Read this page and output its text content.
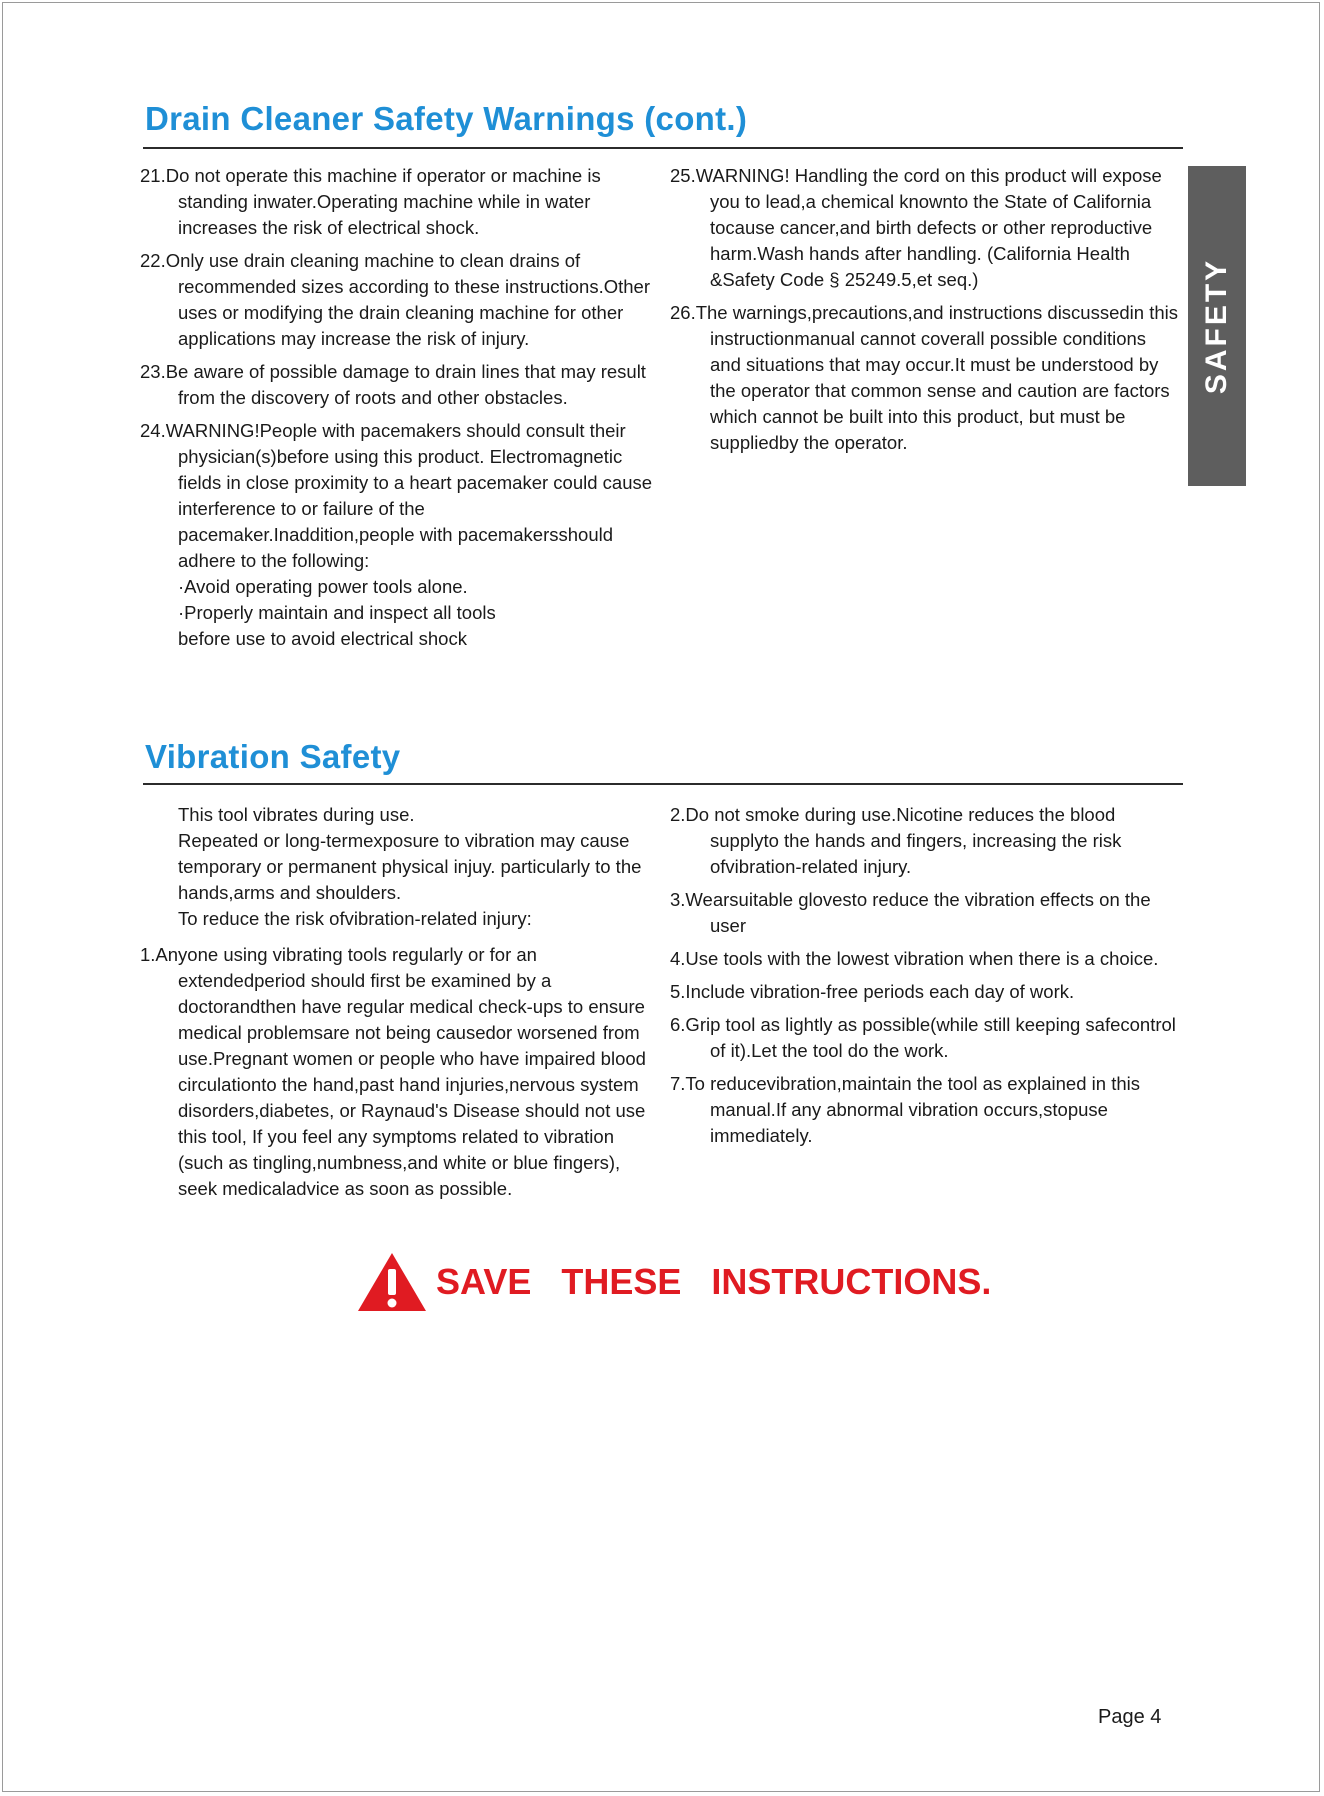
Drain Cleaner Safety Warnings (cont.)

21.Do not operate this machine if operator or machine is standing inwater.Operating machine while in water increases the risk of electrical shock.

22.Only use drain cleaning machine to clean drains of recommended sizes according to these instructions.Other uses or modifying the drain cleaning machine for other applications may increase the risk of injury.

23.Be aware of possible damage to drain lines that may result from the discovery of roots and other obstacles.

24.WARNING!People with pacemakers should consult their physician(s)before using this product. Electromagnetic fields in close proximity to a heart pacemaker could cause interference to or failure of the pacemaker.Inaddition,people with pacemakersshould adhere to the following:

·Avoid operating power tools alone.
·Properly maintain and inspect all tools
before use to avoid electrical shock

25.WARNING! Handling the cord on this product will expose you to lead,a chemical knownto the State of California tocause cancer,and birth defects or other reproductive harm.Wash hands after handling. (California Health &Safety Code § 25249.5,et seq.)

26.The warnings,precautions,and instructions discussedin this instructionmanual cannot coverall possible conditions and situations that may occur.It must be understood by the operator that common sense and caution are factors which cannot be built into this product, but must be suppliedby the operator.

SAFETY
Vibration Safety

This tool vibrates during use.

Repeated or long-termexposure to vibration may cause temporary or permanent physical injuy. particularly to the hands,arms and shoulders.

To reduce the risk ofvibration-related injury:

1.Anyone using vibrating tools regularly or for an extendedperiod should first be examined by a doctorandthen have regular medical check-ups to ensure medical problemsare not being causedor worsened from use.Pregnant women or people who have impaired blood circulationto the hand,past hand injuries,nervous system disorders,diabetes, or Raynaud's Disease should not use this tool, If you feel any symptoms related to vibration (such as tingling,numbness,and white or blue fingers), seek medicaladvice as soon as possible.

2.Do not smoke during use.Nicotine reduces the blood supplyto the hands and fingers, increasing the risk ofvibration-related injury.

3.Wearsuitable glovesto reduce the vibration effects on the user

4.Use tools with the lowest vibration when there is a choice.

5.Include vibration-free periods each day of work.

6.Grip tool as lightly as possible(while still keeping safecontrol of it).Let the tool do the work.

7.To reducevibration,maintain the tool as explained in this manual.If any abnormal vibration occurs,stopuse immediately.

SAVE   THESE   INSTRUCTIONS.
Page 4
